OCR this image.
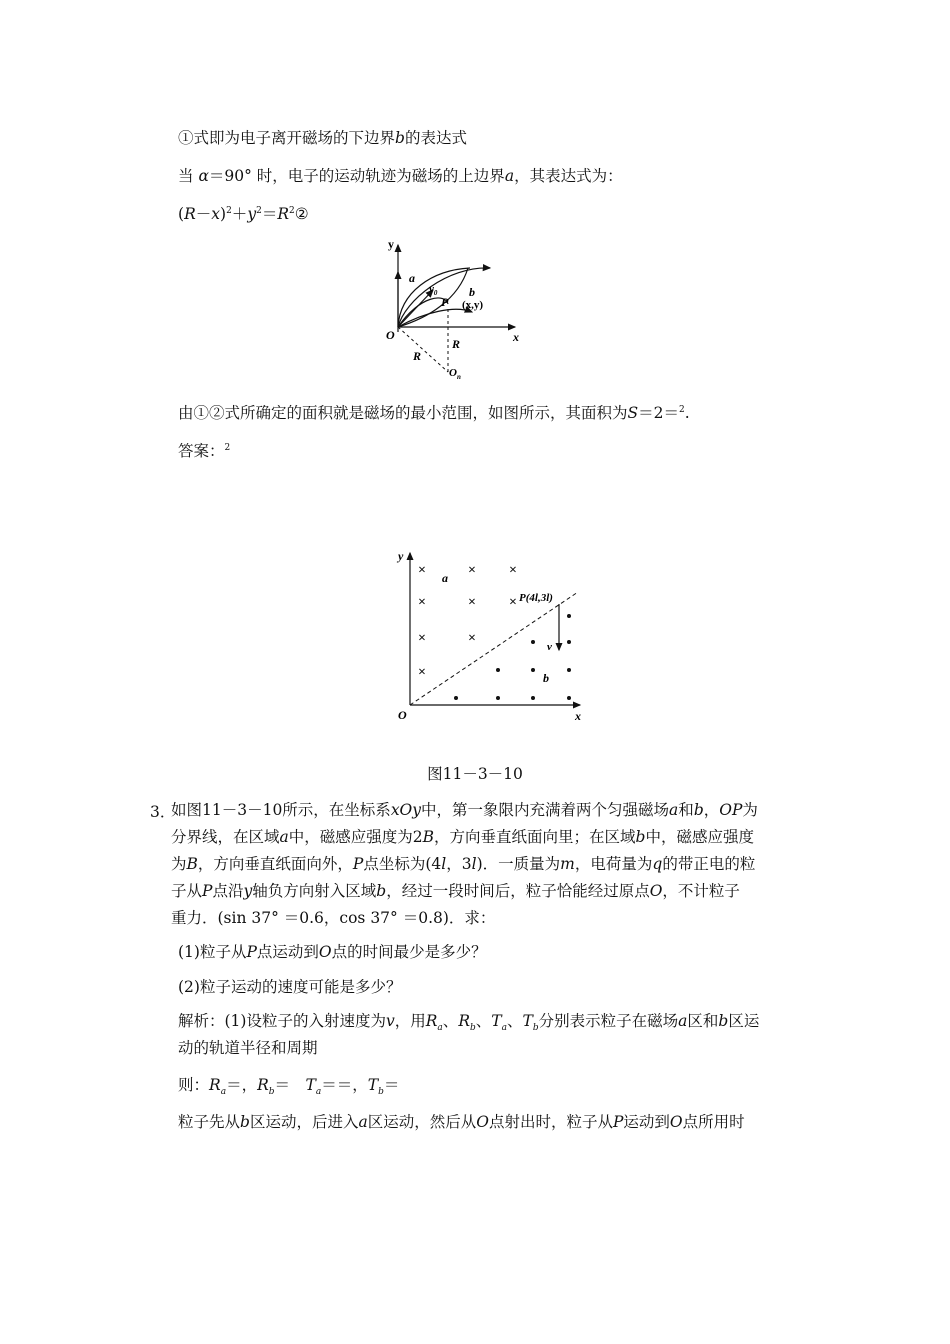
①式即为电子离开磁场的下边界b的表达式
当 α＝90° 时，电子的运动轨迹为磁场的上边界a，其表达式为：
$(R-x)^2+y^2=R^2②$
y
x
O
a
$v_0$
P
b
(x,y)
R
R
$O_n$
由①②式所确定的面积就是磁场的最小范围，如图所示，其面积为S＝2＝$^2$.
答案：$^2$
×	× ×
×	× ×
×	×
×
y
x
O
a
b
v
P(4l,3l)
图11－3－10
3．
如图11－3－10所示，在坐标系xOy中，第一象限内充满着两个匀强磁场a和b，OP为
分界线，在区域a中，磁感应强度为2B，方向垂直纸面向里；在区域b中，磁感应强度
为B，方向垂直纸面向外，P点坐标为(4l，3l)．一质量为m，电荷量为q的带正电的粒
子从P点沿y轴负方向射入区域b，经过一段时间后，粒子恰能经过原点O，不计粒子
重力．(sin 37° ＝0.6，cos 37° ＝0.8)．求：
(1)粒子从P点运动到O点的时间最少是多少？
(2)粒子运动的速度可能是多少？
解析：(1)设粒子的入射速度为v，用$R_a$、$R_b$、$T_a$、$T_b$分别表示粒子在磁场a区和b区运
动的轨道半径和周期
则：$R_a=$，$R_b=$　$T_a==$，$T_b=$
粒子先从b区运动，后进入a区运动，然后从O点射出时，粒子从P运动到O点所用时
